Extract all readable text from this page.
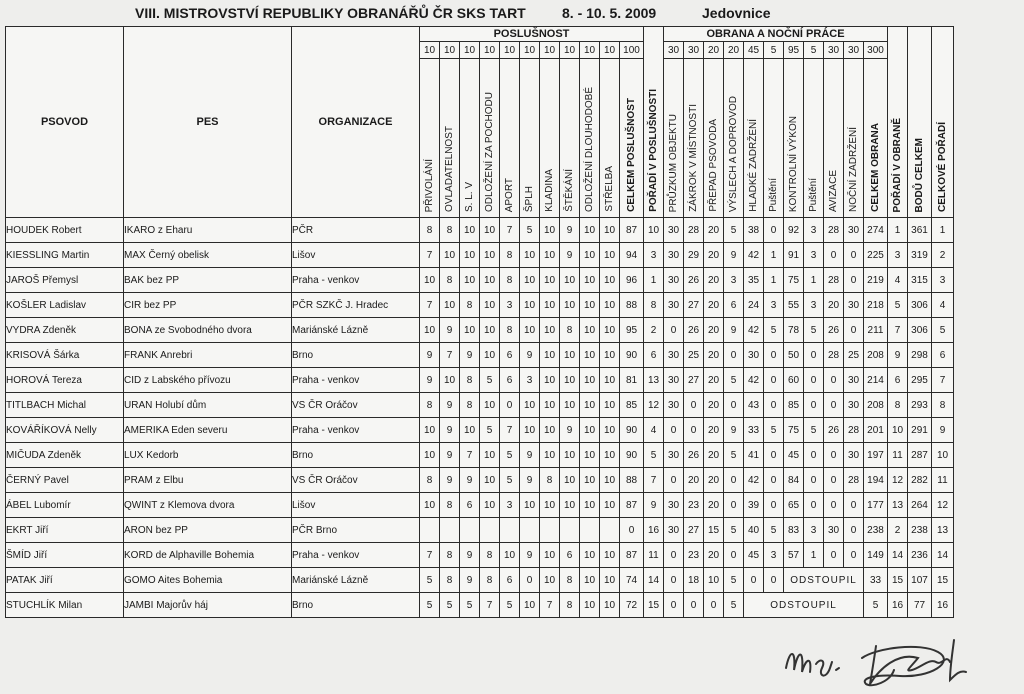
VIII. MISTROVSTVÍ REPUBLIKY OBRANÁŘŮ ČR SKS TART	8. - 10. 5. 2009	Jedovnice
PSOVOD	PES	ORGANIZACE	POSLUŠNOST											POŘADÍ V POSLUŠNOSTI	OBRANA A NOČNÍ PRÁCE											POŘADÍ V OBRANĚ	BODŮ CELKEM	CELKOVÉ POŘADÍ
			10	10	10	10	10	10	10	10	10	10	100		30	30	20	20	45	5	95	5	30	30	300			
			PŘIVOLÁNÍ	OVLADATELNOST	S. L. V	ODLOŽENÍ ZA POCHODU	APORT	ŠPLH	KLADINA	ŠTĚKÁNÍ	ODLOŽENÍ DLOUHODOBÉ	STŘELBA	CELKEM POSLUŠNOST		PRŮZKUM OBJEKTU	ZÁKROK V MÍSTNOSTI	PŘEPAD PSOVODA	VÝSLECH A DOPROVOD	HLADKÉ ZADRŽENÍ	Puštění	KONTROLNÍ VÝKON	Puštění	AVIZACE	NOČNÍ ZADRŽENÍ	CELKEM OBRANA			
HOUDEK Robert	IKARO z Eharu	PČR	8	8	10	10	7	5	10	9	10	10	87	10	30	28	20	5	38	0	92	3	28	30	274	1	361	1
KIESSLING Martin	MAX Černý obelisk	Lišov	7	10	10	10	8	10	10	9	10	10	94	3	30	29	20	9	42	1	91	3	0	0	225	3	319	2
JAROŠ Přemysl	BAK bez PP	Praha - venkov	10	8	10	10	8	10	10	10	10	10	96	1	30	26	20	3	35	1	75	1	28	0	219	4	315	3
KOŠLER Ladislav	CIR bez PP	PČR SZKČ J. Hradec	7	10	8	10	3	10	10	10	10	10	88	8	30	27	20	6	24	3	55	3	20	30	218	5	306	4
VYDRA Zdeněk	BONA ze Svobodného dvora	Mariánské Lázně	10	9	10	10	8	10	10	8	10	10	95	2	0	26	20	9	42	5	78	5	26	0	211	7	306	5
KRISOVÁ Šárka	FRANK Anrebri	Brno	9	7	9	10	6	9	10	10	10	10	90	6	30	25	20	0	30	0	50	0	28	25	208	9	298	6
HOROVÁ Tereza	CID z Labského přívozu	Praha - venkov	9	10	8	5	6	3	10	10	10	10	81	13	30	27	20	5	42	0	60	0	0	30	214	6	295	7
TITLBACH Michal	URAN Holubí dům	VS ČR Oráčov	8	9	8	10	0	10	10	10	10	10	85	12	30	0	20	0	43	0	85	0	0	30	208	8	293	8
KOVÁŘÍKOVÁ Nelly	AMERIKA Eden severu	Praha - venkov	10	9	10	5	7	10	10	9	10	10	90	4	0	0	20	9	33	5	75	5	26	28	201	10	291	9
MIČUDA Zdeněk	LUX Kedorb	Brno	10	9	7	10	5	9	10	10	10	10	90	5	30	26	20	5	41	0	45	0	0	30	197	11	287	10
ČERNÝ Pavel	PRAM z Elbu	VS ČR Oráčov	8	9	9	10	5	9	8	10	10	10	88	7	0	20	20	0	42	0	84	0	0	28	194	12	282	11
ÁBEL Lubomír	QWINT z Klemova dvora	Lišov	10	8	6	10	3	10	10	10	10	10	87	9	30	23	20	0	39	0	65	0	0	0	177	13	264	12
EKRT Jiří	ARON bez PP	PČR Brno											0	16	30	27	15	5	40	5	83	3	30	0	238	2	238	13
ŠMÍD Jiří	KORD de Alphaville Bohemia	Praha - venkov	7	8	9	8	10	9	10	6	10	10	87	11	0	23	20	0	45	3	57	1	0	0	149	14	236	14
PATAK Jiří	GOMO Aites Bohemia	Mariánské Lázně	5	8	9	8	6	0	10	8	10	10	74	14	0	18	10	5	0	0	ODSTOUPIL				33	15	107	15
STUCHLÍK Milan	JAMBI Majorův háj	Brno	5	5	5	7	5	10	7	8	10	10	72	15	0	0	0	5	ODSTOUPIL						5	16	77	16
